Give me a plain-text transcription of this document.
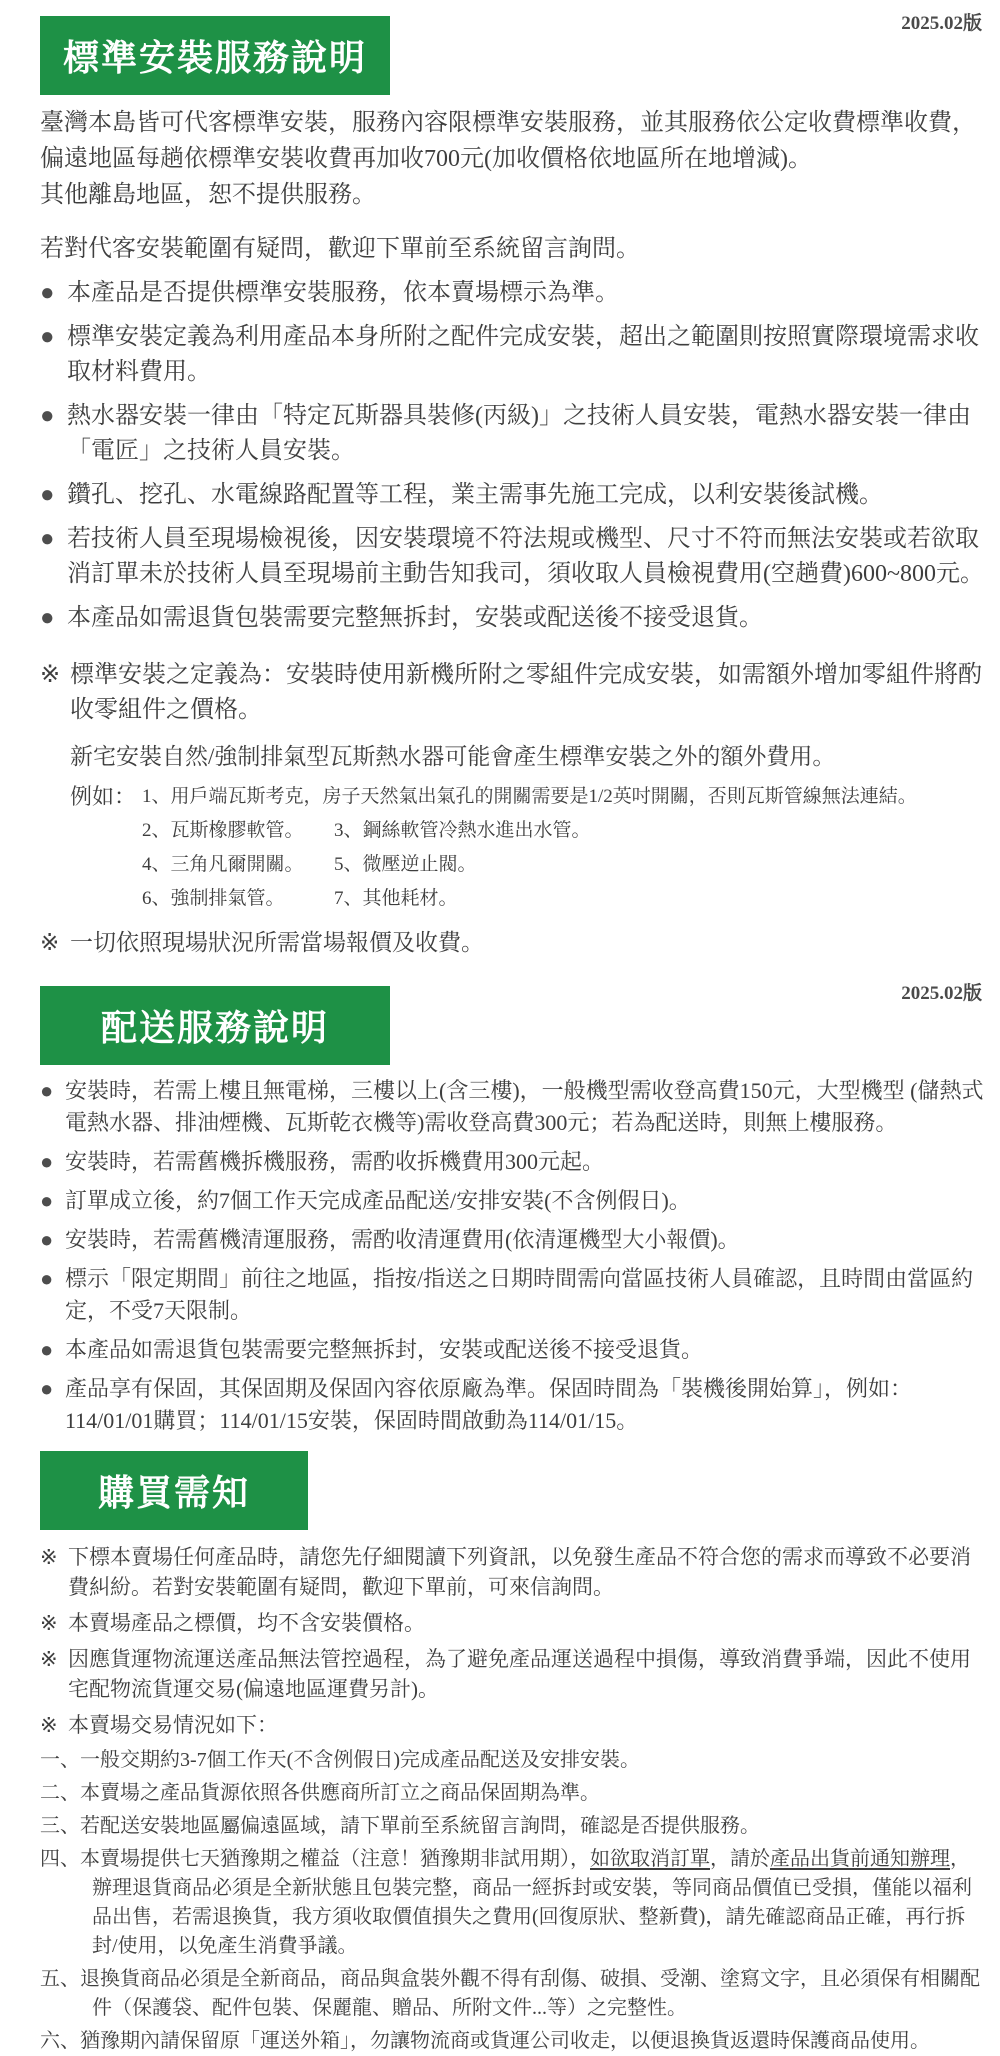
標準安裝服務說明
2025.02版
臺灣本島皆可代客標準安裝，服務內容限標準安裝服務，並其服務依公定收費標準收費，偏遠地區每趟依標準安裝收費再加收700元(加收價格依地區所在地增減)。
其他離島地區，恕不提供服務。
若對代客安裝範圍有疑問，歡迎下單前至系統留言詢問。
● 本產品是否提供標準安裝服務，依本賣場標示為準。
● 標準安裝定義為利用產品本身所附之配件完成安裝，超出之範圍則按照實際環境需求收取材料費用。
● 熱水器安裝一律由「特定瓦斯器具裝修(丙級)」之技術人員安裝，電熱水器安裝一律由「電匠」之技術人員安裝。
● 鑽孔、挖孔、水電線路配置等工程，業主需事先施工完成，以利安裝後試機。
● 若技術人員至現場檢視後，因安裝環境不符法規或機型、尺寸不符而無法安裝或若欲取消訂單未於技術人員至現場前主動告知我司，須收取人員檢視費用(空趟費)600~800元。
● 本產品如需退貨包裝需要完整無拆封，安裝或配送後不接受退貨。
※ 標準安裝之定義為：安裝時使用新機所附之零組件完成安裝，如需額外增加零組件將酌收零組件之價格。
新宅安裝自然/強制排氣型瓦斯熱水器可能會產生標準安裝之外的額外費用。
例如： 1、用戶端瓦斯考克，房子天然氣出氣孔的開關需要是1/2英吋開關，否則瓦斯管線無法連結。
2、瓦斯橡膠軟管。	3、鋼絲軟管冷熱水進出水管。
4、三角凡爾開關。	5、微壓逆止閥。
6、強制排氣管。	7、其他耗材。
※ 一切依照現場狀況所需當場報價及收費。
配送服務說明
2025.02版
● 安裝時，若需上樓且無電梯，三樓以上(含三樓)，一般機型需收登高費150元，大型機型 (儲熱式電熱水器、排油煙機、瓦斯乾衣機等)需收登高費300元；若為配送時，則無上樓服務。
● 安裝時，若需舊機拆機服務，需酌收拆機費用300元起。
● 訂單成立後，約7個工作天完成產品配送/安排安裝(不含例假日)。
● 安裝時，若需舊機清運服務，需酌收清運費用(依清運機型大小報價)。
● 標示「限定期間」前往之地區，指按/指送之日期時間需向當區技術人員確認，且時間由當區約定，不受7天限制。
● 本產品如需退貨包裝需要完整無拆封，安裝或配送後不接受退貨。
● 產品享有保固，其保固期及保固內容依原廠為準。保固時間為「裝機後開始算」，例如：114/01/01購買；114/01/15安裝，保固時間啟動為114/01/15。
購買需知
※ 下標本賣場任何產品時，請您先仔細閱讀下列資訊，以免發生產品不符合您的需求而導致不必要消費糾紛。若對安裝範圍有疑問，歡迎下單前，可來信詢問。
※ 本賣場產品之標價，均不含安裝價格。
※ 因應貨運物流運送產品無法管控過程，為了避免產品運送過程中損傷，導致消費爭端，因此不使用宅配物流貨運交易(偏遠地區運費另計)。
※ 本賣場交易情況如下：
一、一般交期約3-7個工作天(不含例假日)完成產品配送及安排安裝。
二、本賣場之產品貨源依照各供應商所訂立之商品保固期為準。
三、若配送安裝地區屬偏遠區域，請下單前至系統留言詢問，確認是否提供服務。
四、本賣場提供七天猶豫期之權益（注意！猶豫期非試用期），如欲取消訂單，請於產品出貨前通知辦理，辦理退貨商品必須是全新狀態且包裝完整，商品一經拆封或安裝，等同商品價值已受損，僅能以福利品出售，若需退換貨，我方須收取價值損失之費用(回復原狀、整新費)，請先確認商品正確，再行拆封/使用，以免產生消費爭議。
五、退換貨商品必須是全新商品，商品與盒裝外觀不得有刮傷、破損、受潮、塗寫文字，且必須保有相關配件（保護袋、配件包裝、保麗龍、贈品、所附文件...等）之完整性。
六、猶豫期內請保留原「運送外箱」，勿讓物流商或貨運公司收走，以便退換貨返還時保護商品使用。
